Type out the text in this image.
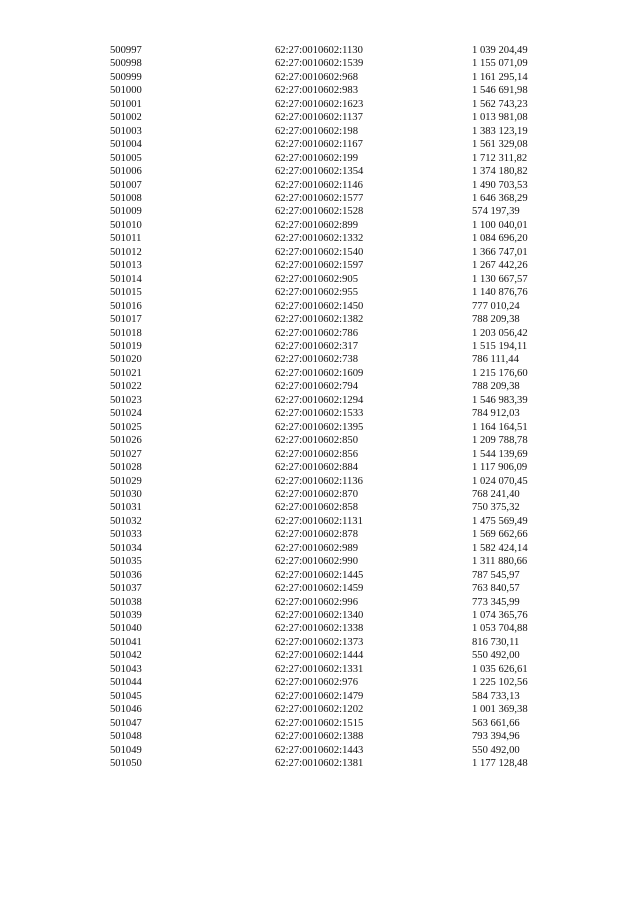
500997	62:27:0010602:1130	1 039 204,49
500998	62:27:0010602:1539	1 155 071,09
500999	62:27:0010602:968	1 161 295,14
501000	62:27:0010602:983	1 546 691,98
501001	62:27:0010602:1623	1 562 743,23
501002	62:27:0010602:1137	1 013 981,08
501003	62:27:0010602:198	1 383 123,19
501004	62:27:0010602:1167	1 561 329,08
501005	62:27:0010602:199	1 712 311,82
501006	62:27:0010602:1354	1 374 180,82
501007	62:27:0010602:1146	1 490 703,53
501008	62:27:0010602:1577	1 646 368,29
501009	62:27:0010602:1528	574 197,39
501010	62:27:0010602:899	1 100 040,01
501011	62:27:0010602:1332	1 084 696,20
501012	62:27:0010602:1540	1 366 747,01
501013	62:27:0010602:1597	1 267 442,26
501014	62:27:0010602:905	1 130 667,57
501015	62:27:0010602:955	1 140 876,76
501016	62:27:0010602:1450	777 010,24
501017	62:27:0010602:1382	788 209,38
501018	62:27:0010602:786	1 203 056,42
501019	62:27:0010602:317	1 515 194,11
501020	62:27:0010602:738	786 111,44
501021	62:27:0010602:1609	1 215 176,60
501022	62:27:0010602:794	788 209,38
501023	62:27:0010602:1294	1 546 983,39
501024	62:27:0010602:1533	784 912,03
501025	62:27:0010602:1395	1 164 164,51
501026	62:27:0010602:850	1 209 788,78
501027	62:27:0010602:856	1 544 139,69
501028	62:27:0010602:884	1 117 906,09
501029	62:27:0010602:1136	1 024 070,45
501030	62:27:0010602:870	768 241,40
501031	62:27:0010602:858	750 375,32
501032	62:27:0010602:1131	1 475 569,49
501033	62:27:0010602:878	1 569 662,66
501034	62:27:0010602:989	1 582 424,14
501035	62:27:0010602:990	1 311 880,66
501036	62:27:0010602:1445	787 545,97
501037	62:27:0010602:1459	763 840,57
501038	62:27:0010602:996	773 345,99
501039	62:27:0010602:1340	1 074 365,76
501040	62:27:0010602:1338	1 053 704,88
501041	62:27:0010602:1373	816 730,11
501042	62:27:0010602:1444	550 492,00
501043	62:27:0010602:1331	1 035 626,61
501044	62:27:0010602:976	1 225 102,56
501045	62:27:0010602:1479	584 733,13
501046	62:27:0010602:1202	1 001 369,38
501047	62:27:0010602:1515	563 661,66
501048	62:27:0010602:1388	793 394,96
501049	62:27:0010602:1443	550 492,00
501050	62:27:0010602:1381	1 177 128,48
